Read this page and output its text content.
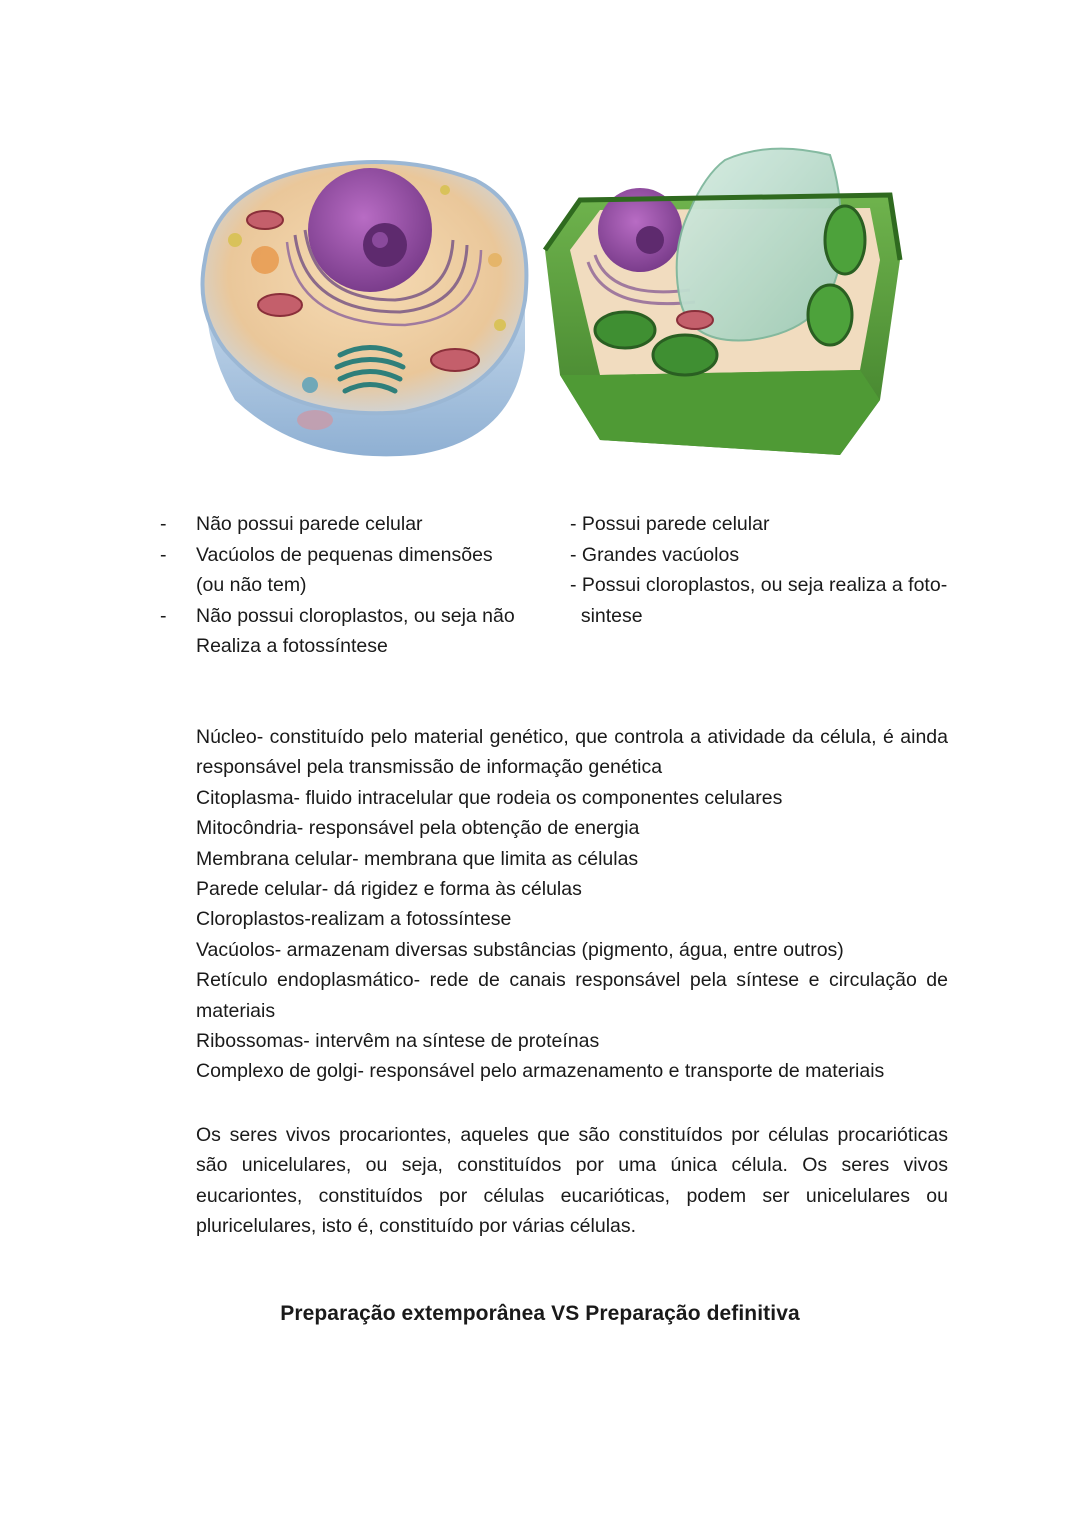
-	Não possui parede celular
-	Vacúolos de pequenas dimensões (ou não tem)
-	Não possui cloroplastos, ou seja não Realiza a fotossíntese
- Possui parede celular
- Grandes vacúolos
- Possui cloroplastos, ou seja realiza a foto-
sintese
Núcleo- constituído pelo material genético, que controla a atividade da célula, é ainda responsável pela transmissão de informação genética
Citoplasma- fluido intracelular que rodeia os componentes celulares
Mitocôndria- responsável pela obtenção de energia
Membrana celular- membrana que limita as células
Parede celular- dá rigidez e forma às células
Cloroplastos-realizam a fotossíntese
Vacúolos- armazenam diversas substâncias (pigmento, água, entre outros)
Retículo endoplasmático- rede de canais responsável pela síntese e circulação de materiais
Ribossomas- intervêm na síntese de proteínas
Complexo de golgi- responsável pelo armazenamento e transporte de materiais
Os seres vivos procariontes, aqueles que são constituídos por células procarióticas são unicelulares, ou seja, constituídos por uma única célula. Os seres vivos eucariontes, constituídos por células eucarióticas, podem ser unicelulares ou pluricelulares, isto é, constituído por várias células.
Preparação extemporânea VS Preparação definitiva
